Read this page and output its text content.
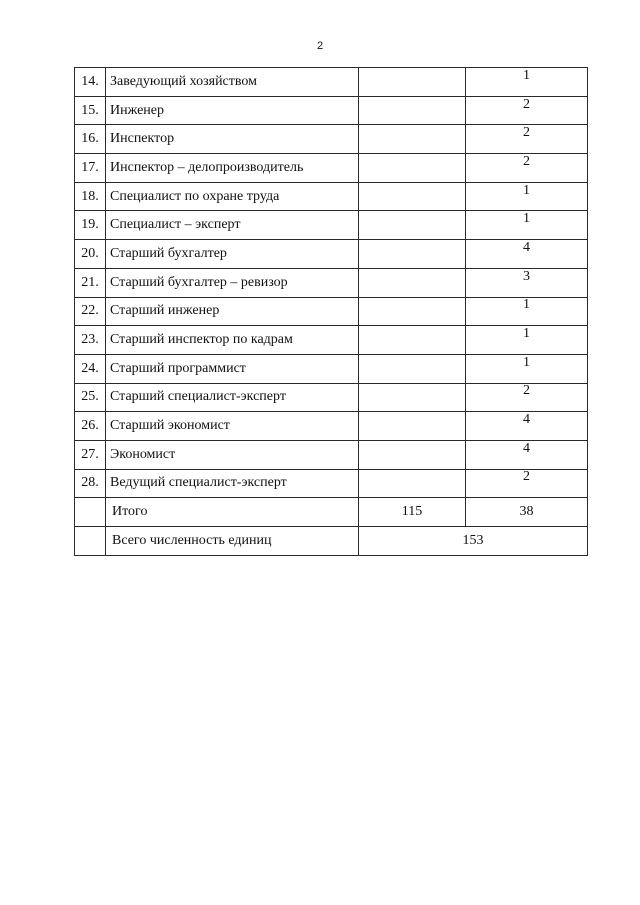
2
14.	Заведующий хозяйством		1
15.	Инженер		2
16.	Инспектор		2
17.	Инспектор – делопроизводитель		2
18.	Специалист по охране труда		1
19.	Специалист – эксперт		1
20.	Старший бухгалтер		4
21.	Старший бухгалтер – ревизор		3
22.	Старший инженер		1
23.	Старший инспектор по кадрам		1
24.	Старший программист		1
25.	Старший специалист-эксперт		2
26.	Старший экономист		4
27.	Экономист		4
28.	Ведущий специалист-эксперт		2
	Итого	115	38
	Всего численность единиц	153	
